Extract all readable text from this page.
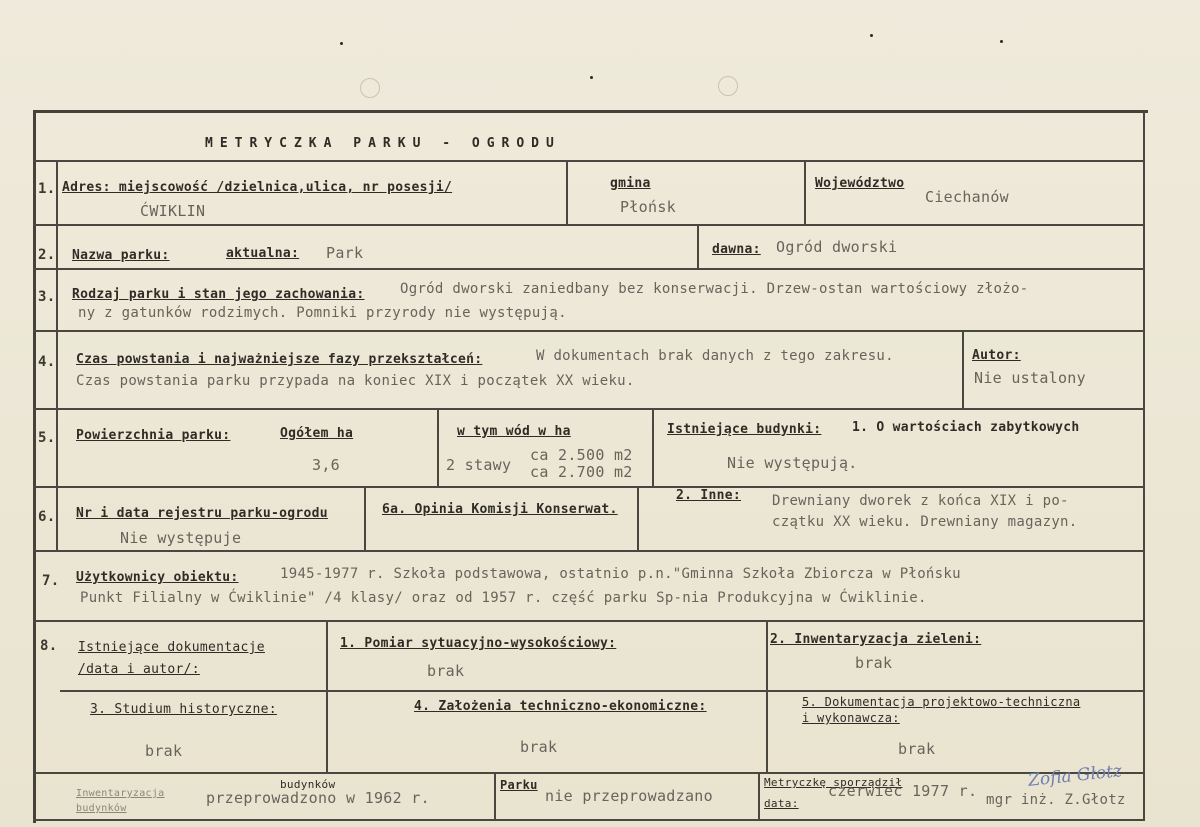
METRYCZKA PARKU - OGRODU
1. Adres: miejscowość /dzielnica,ulica, nr posesji/
ĆWIKLIN
gmina
Płońsk
Województwo
Ciechanów
2. Nazwa parku:	aktualna: Park	dawna: Ogród dworski
3. Rodzaj parku i stan jego zachowania:	Ogród dworski zaniedbany bez konserwacji. Drzew-ostan wartościowy złożo-
ny z gatunków rodzimych. Pomniki przyrody nie występują.
4. Czas powstania i najważniejsze fazy przekształceń:	W dokumentach brak danych z tego zakresu.
Czas powstania parku przypada na koniec XIX i początek XX wieku.
Autor:
Nie ustalony
5. Powierzchnia parku:	Ogółem ha
3,6
w tym wód w ha
2 stawy
ca 2.500 m2
ca 2.700 m2
Istniejące budynki: 1. O wartościach zabytkowych
Nie występują.
6. Nr i data rejestru parku-ogrodu
Nie występuje
6a. Opinia Komisji Konserwat.
2. Inne: Drewniany dworek z końca XIX i po-
czątku XX wieku. Drewniany magazyn.
7. Użytkownicy obiektu:	1945-1977 r. Szkoła podstawowa, ostatnio p.n."Gminna Szkoła Zbiorcza w Płońsku
Punkt Filialny w Ćwiklinie" /4 klasy/ oraz od 1957 r. część parku Sp-nia Produkcyjna w Ćwiklinie.
8. Istniejące dokumentacje
/data i autor/:
1. Pomiar sytuacyjno-wysokościowy:
brak
2. Inwentaryzacja zieleni:
brak
3. Studium historyczne:
brak
4. Założenia techniczno-ekonomiczne:
brak
5. Dokumentacja projektowo-techniczna
i wykonawcza:
brak
budynków
Inwentaryzacja
budynków
przeprowadzono w 1962 r.
Parku
nie przeprowadzano
Metryczkę sporządził
data:
czerwiec 1977 r. mgr inż. Z.Głotz
Zofia Głotz
